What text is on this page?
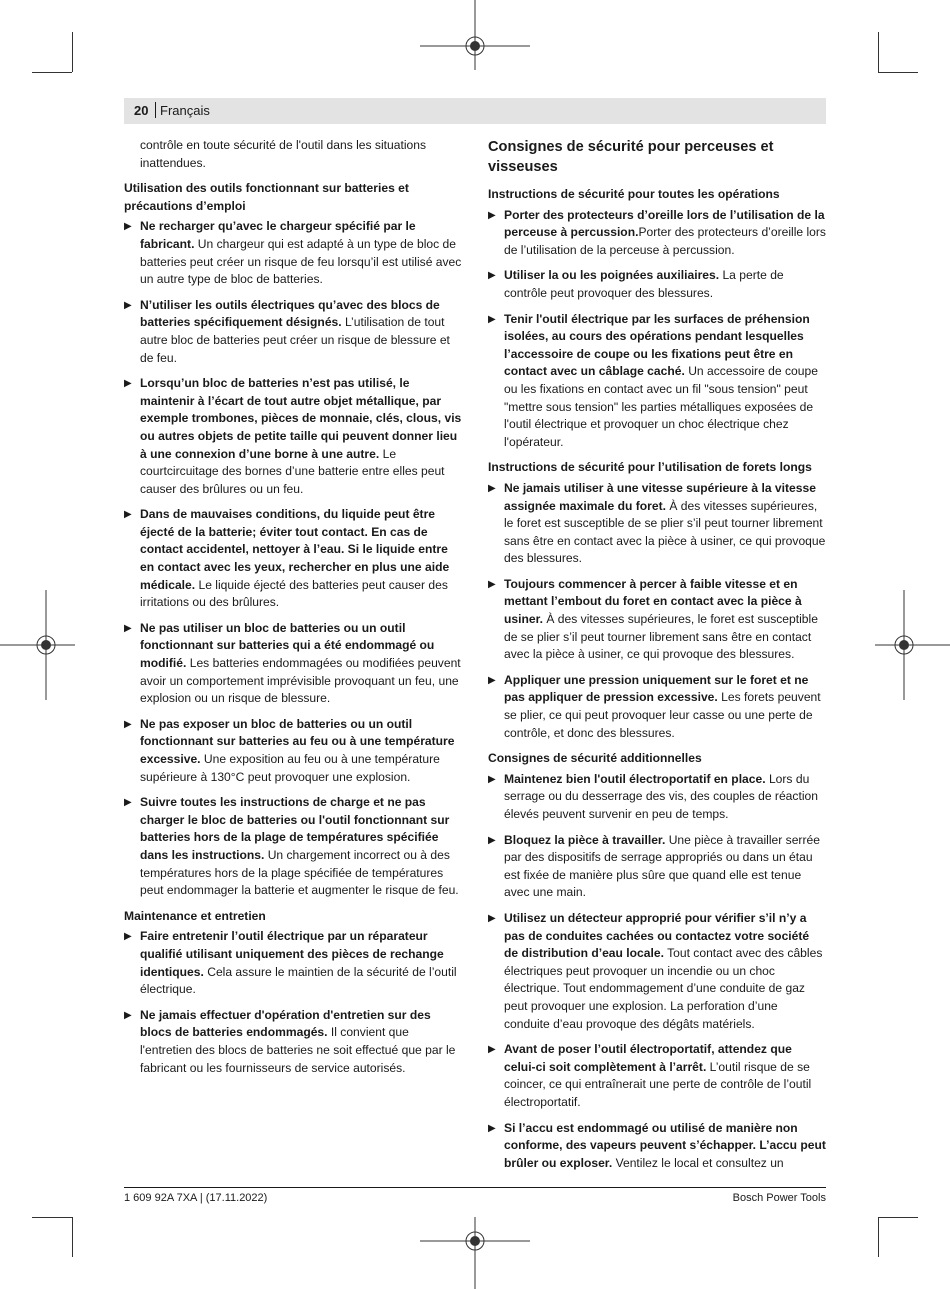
20 Français

contrôle en toute sécurité de l'outil dans les situations inattendues.

Utilisation des outils fonctionnant sur batteries et précautions d’emploi

▶ Ne recharger qu’avec le chargeur spécifié par le fabricant. Un chargeur qui est adapté à un type de bloc de batteries peut créer un risque de feu lorsqu’il est utilisé avec un autre type de bloc de batteries.
▶ N’utiliser les outils électriques qu’avec des blocs de batteries spécifiquement désignés. L’utilisation de tout autre bloc de batteries peut créer un risque de blessure et de feu.
▶ Lorsqu’un bloc de batteries n’est pas utilisé, le maintenir à l’écart de tout autre objet métallique, par exemple trombones, pièces de monnaie, clés, clous, vis ou autres objets de petite taille qui peuvent donner lieu à une connexion d’une borne à une autre. Le courtcircuitage des bornes d’une batterie entre elles peut causer des brûlures ou un feu.
▶ Dans de mauvaises conditions, du liquide peut être éjecté de la batterie; éviter tout contact. En cas de contact accidentel, nettoyer à l’eau. Si le liquide entre en contact avec les yeux, rechercher en plus une aide médicale. Le liquide éjecté des batteries peut causer des irritations ou des brûlures.
▶ Ne pas utiliser un bloc de batteries ou un outil fonctionnant sur batteries qui a été endommagé ou modifié. Les batteries endommagées ou modifiées peuvent avoir un comportement imprévisible provoquant un feu, une explosion ou un risque de blessure.
▶ Ne pas exposer un bloc de batteries ou un outil fonctionnant sur batteries au feu ou à une température excessive. Une exposition au feu ou à une température supérieure à 130°C peut provoquer une explosion.
▶ Suivre toutes les instructions de charge et ne pas charger le bloc de batteries ou l'outil fonctionnant sur batteries hors de la plage de températures spécifiée dans les instructions. Un chargement incorrect ou à des températures hors de la plage spécifiée de températures peut endommager la batterie et augmenter le risque de feu.

Maintenance et entretien

▶ Faire entretenir l’outil électrique par un réparateur qualifié utilisant uniquement des pièces de rechange identiques. Cela assure le maintien de la sécurité de l’outil électrique.
▶ Ne jamais effectuer d'opération d'entretien sur des blocs de batteries endommagés. Il convient que l'entretien des blocs de batteries ne soit effectué que par le fabricant ou les fournisseurs de service autorisés.

Consignes de sécurité pour perceuses et visseuses

Instructions de sécurité pour toutes les opérations

▶ Porter des protecteurs d’oreille lors de l’utilisation de la perceuse à percussion.Porter des protecteurs d’oreille lors de l’utilisation de la perceuse à percussion.
▶ Utiliser la ou les poignées auxiliaires. La perte de contrôle peut provoquer des blessures.
▶ Tenir l'outil électrique par les surfaces de préhension isolées, au cours des opérations pendant lesquelles l’accessoire de coupe ou les fixations peut être en contact avec un câblage caché. Un accessoire de coupe ou les fixations en contact avec un fil "sous tension" peut "mettre sous tension" les parties métalliques exposées de l'outil électrique et provoquer un choc électrique chez l'opérateur.

Instructions de sécurité pour l’utilisation de forets longs

▶ Ne jamais utiliser à une vitesse supérieure à la vitesse assignée maximale du foret. À des vitesses supérieures, le foret est susceptible de se plier s’il peut tourner librement sans être en contact avec la pièce à usiner, ce qui provoque des blessures.
▶ Toujours commencer à percer à faible vitesse et en mettant l’embout du foret en contact avec la pièce à usiner. À des vitesses supérieures, le foret est susceptible de se plier s’il peut tourner librement sans être en contact avec la pièce à usiner, ce qui provoque des blessures.
▶ Appliquer une pression uniquement sur le foret et ne pas appliquer de pression excessive. Les forets peuvent se plier, ce qui peut provoquer leur casse ou une perte de contrôle, et donc des blessures.

Consignes de sécurité additionnelles

▶ Maintenez bien l'outil électroportatif en place. Lors du serrage ou du desserrage des vis, des couples de réaction élevés peuvent survenir en peu de temps.
▶ Bloquez la pièce à travailler. Une pièce à travailler serrée par des dispositifs de serrage appropriés ou dans un étau est fixée de manière plus sûre que quand elle est tenue avec une main.
▶ Utilisez un détecteur approprié pour vérifier s’il n’y a pas de conduites cachées ou contactez votre société de distribution d’eau locale. Tout contact avec des câbles électriques peut provoquer un incendie ou un choc électrique. Tout endommagement d’une conduite de gaz peut provoquer une explosion. La perforation d’une conduite d’eau provoque des dégâts matériels.
▶ Avant de poser l’outil électroportatif, attendez que celui-ci soit complètement à l’arrêt. L’outil risque de se coincer, ce qui entraînerait une perte de contrôle de l’outil électroportatif.
▶ Si l’accu est endommagé ou utilisé de manière non conforme, des vapeurs peuvent s’échapper. L’accu peut brûler ou exploser. Ventilez le local et consultez un
1 609 92A 7XA | (17.11.2022)	Bosch Power Tools
